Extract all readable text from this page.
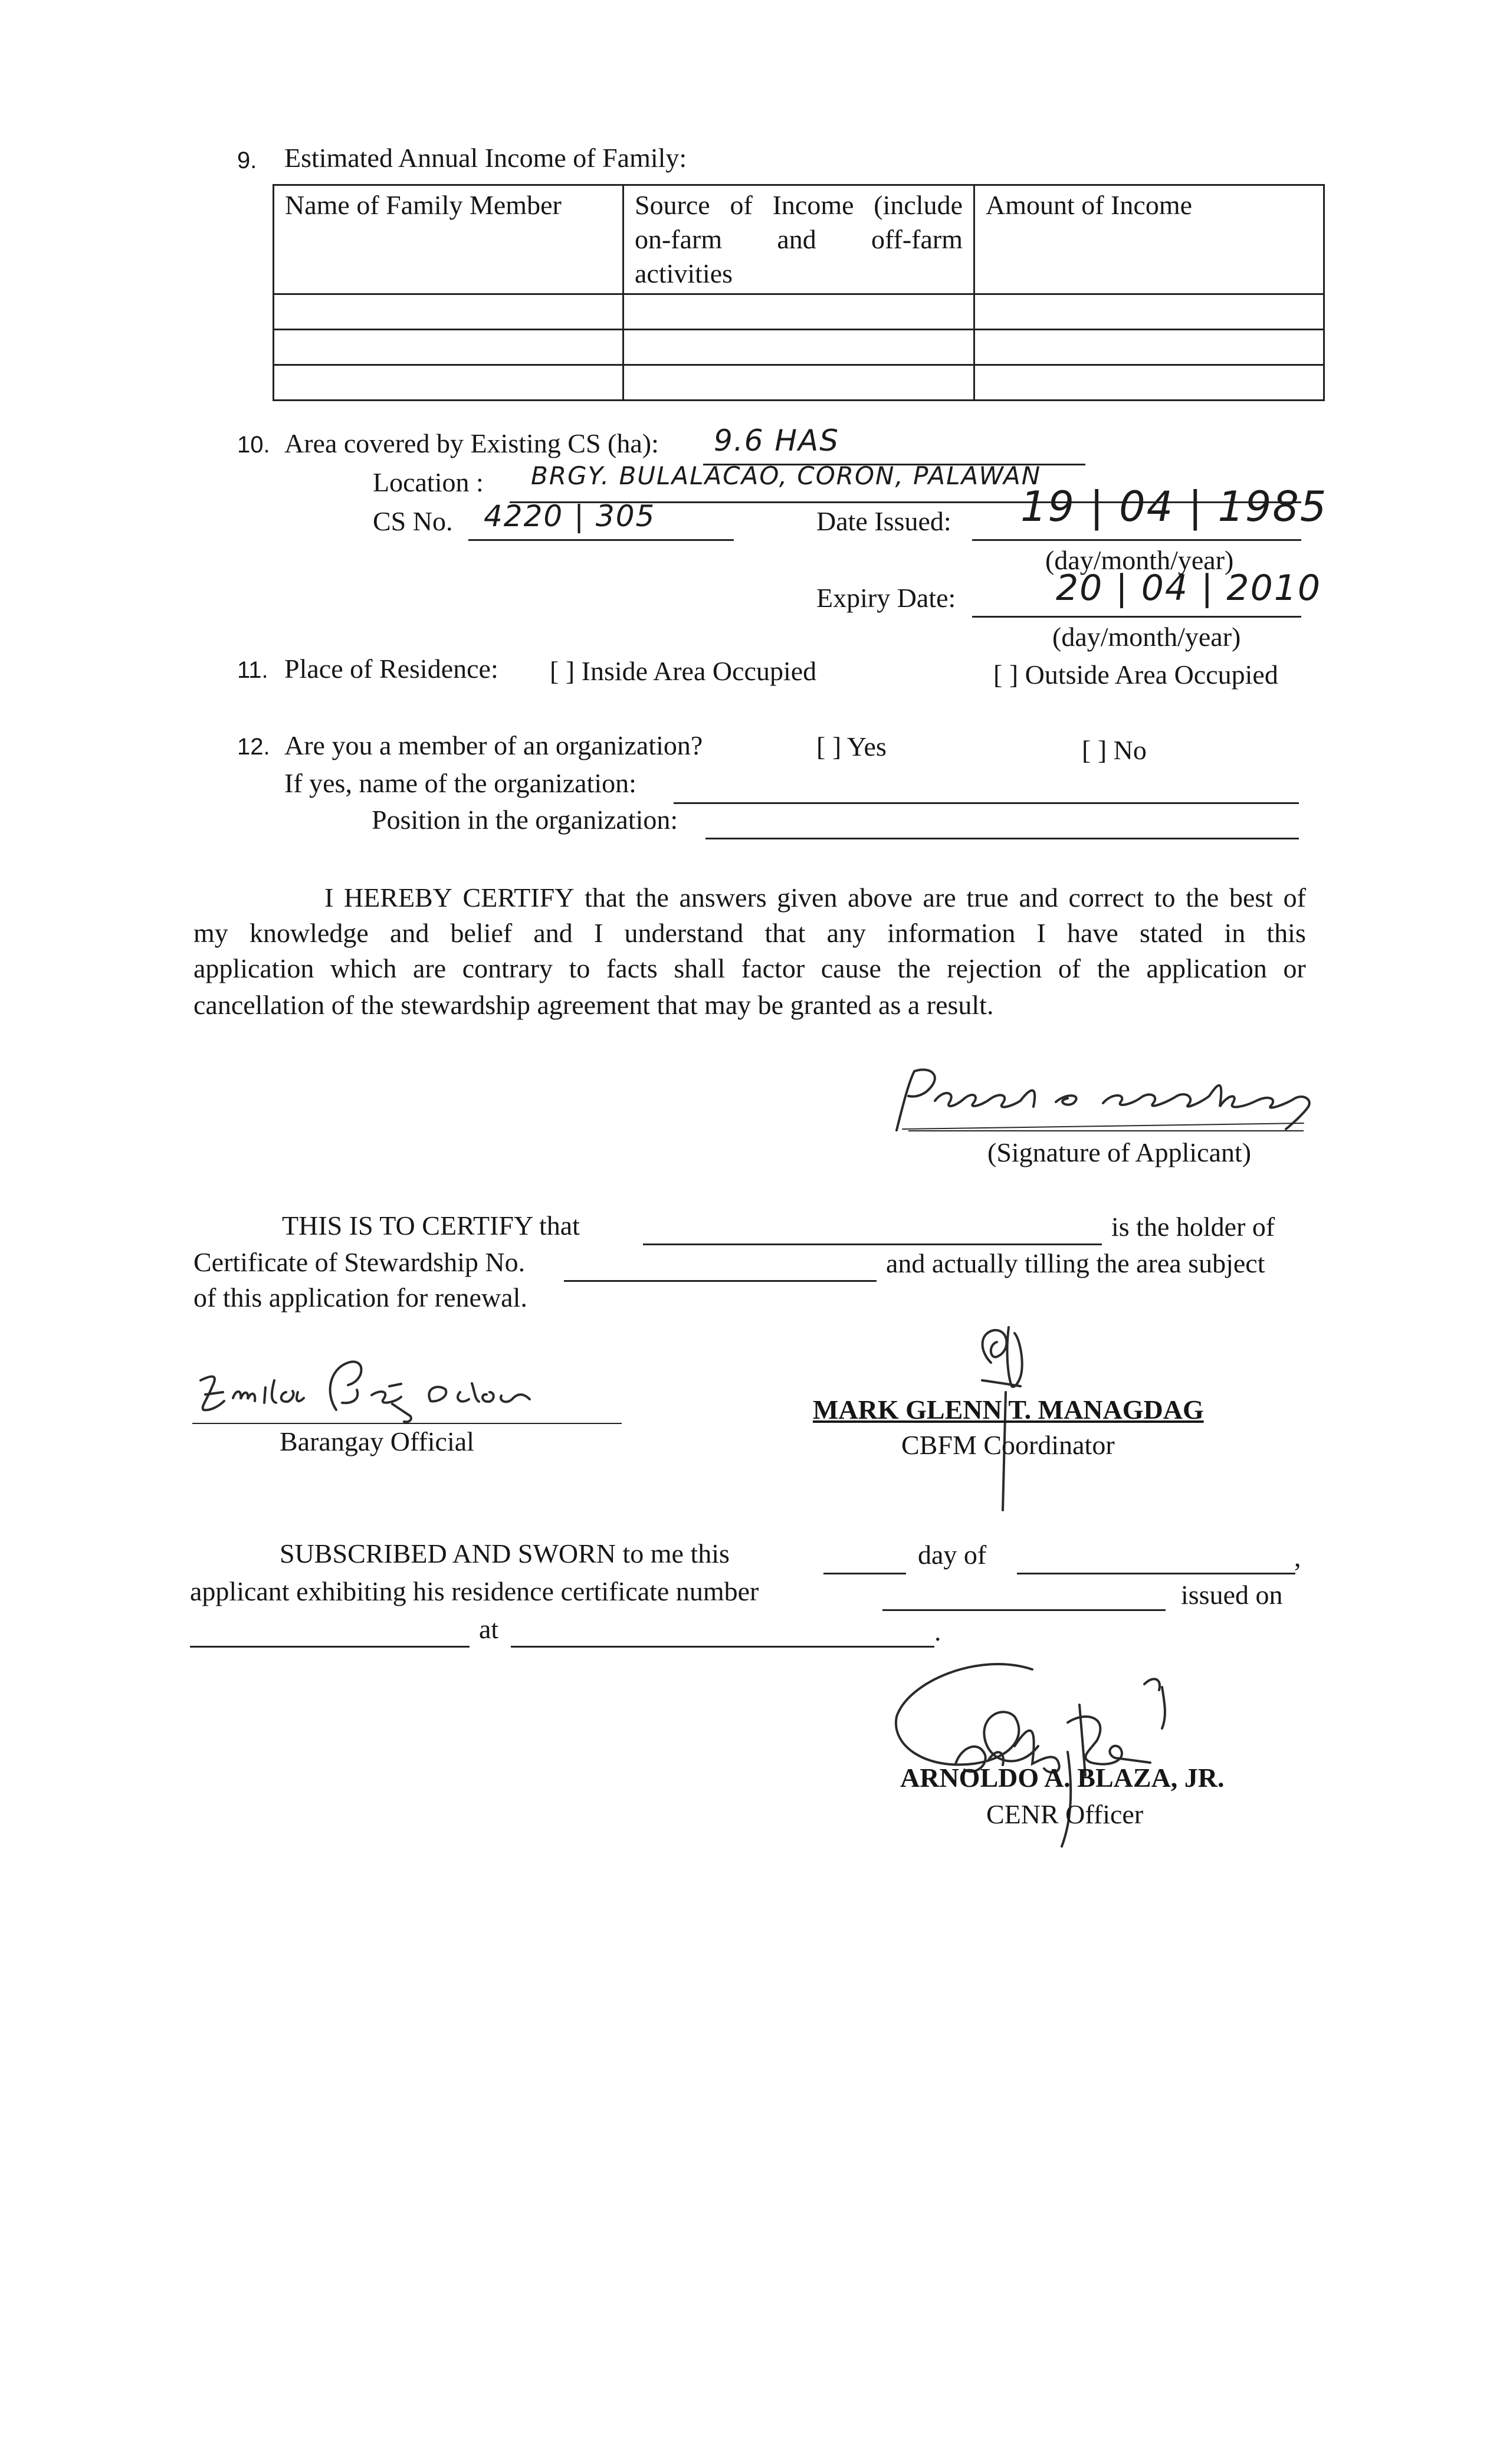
9. Estimated Annual Income of Family:
Name of Family Member	Source of Income (include on-farm and off-farm activities	Amount of Income

10. Area covered by Existing CS (ha): 9.6 HAS
Location : BRGY. BULALACAO, CORON, PALAWAN
CS No. 4220 | 305	Date Issued: 19 | 04 | 1985
(day/month/year)
Expiry Date:	20 | 04 | 2010
(day/month/year)
11. Place of Residence: [ ] Inside Area Occupied	[ ] Outside Area Occupied
12. Are you a member of an organization?	[ ] Yes	[ ] No
If yes, name of the organization:
Position in the organization:
I HEREBY CERTIFY that the answers given above are true and correct to the best of
my knowledge and belief and I understand that any information I have stated in this
application which are contrary to facts shall factor cause the rejection of the application or
cancellation of the stewardship agreement that may be granted as a result.
(Signature of Applicant)
THIS IS TO CERTIFY that	is the holder of
Certificate of Stewardship No.	and actually tilling the area subject
of this application for renewal.
Barangay Official
MARK GLENN T. MANAGDAG
CBFM Coordinator
SUBSCRIBED AND SWORN to me this	day of	,
applicant exhibiting his residence certificate number	issued on
at	.
ARNOLDO A. BLAZA, JR.
CENR Officer
